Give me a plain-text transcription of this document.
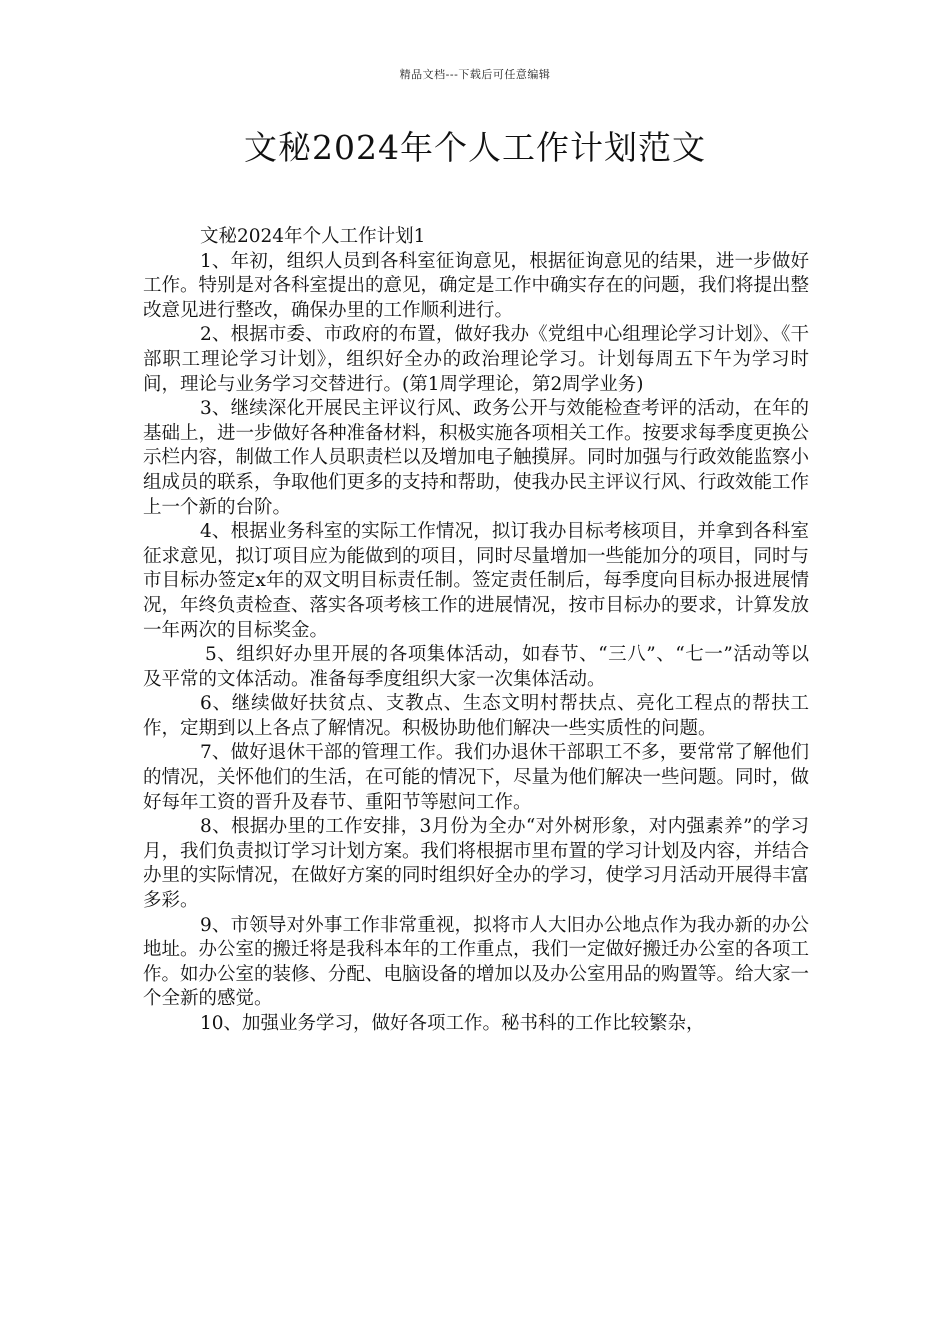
精品文档---下载后可任意编辑
文秘2024年个人工作计划范文

文秘2024年个人工作计划1

1、年初，组织人员到各科室征询意见，根据征询意见的结果，进一步做好工作。特别是对各科室提出的意见，确定是工作中确实存在的问题，我们将提出整改意见进行整改，确保办里的工作顺利进行。

2、根据市委、市政府的布置，做好我办《党组中心组理论学习计划》、《干部职工理论学习计划》，组织好全办的政治理论学习。计划每周五下午为学习时间，理论与业务学习交替进行。(第1周学理论，第2周学业务)

3、继续深化开展民主评议行风、政务公开与效能检查考评的活动，在年的基础上，进一步做好各种准备材料，积极实施各项相关工作。按要求每季度更换公示栏内容，制做工作人员职责栏以及增加电子触摸屏。同时加强与行政效能监察小组成员的联系，争取他们更多的支持和帮助，使我办民主评议行风、行政效能工作上一个新的台阶。

4、根据业务科室的实际工作情况，拟订我办目标考核项目，并拿到各科室征求意见，拟订项目应为能做到的项目，同时尽量增加一些能加分的项目，同时与市目标办签定x年的双文明目标责任制。签定责任制后，每季度向目标办报进展情况，年终负责检查、落实各项考核工作的进展情况，按市目标办的要求，计算发放一年两次的目标奖金。

5、组织好办里开展的各项集体活动，如春节、“三八”、“七一”活动等以及平常的文体活动。准备每季度组织大家一次集体活动。

6、继续做好扶贫点、支教点、生态文明村帮扶点、亮化工程点的帮扶工作，定期到以上各点了解情况。积极协助他们解决一些实质性的问题。

7、做好退休干部的管理工作。我们办退休干部职工不多，要常常了解他们的情况，关怀他们的生活，在可能的情况下，尽量为他们解决一些问题。同时，做好每年工资的晋升及春节、重阳节等慰问工作。

8、根据办里的工作安排，3月份为全办“对外树形象，对内强素养”的学习月，我们负责拟订学习计划方案。我们将根据市里布置的学习计划及内容，并结合办里的实际情况，在做好方案的同时组织好全办的学习，使学习月活动开展得丰富多彩。

9、市领导对外事工作非常重视，拟将市人大旧办公地点作为我办新的办公地址。办公室的搬迁将是我科本年的工作重点，我们一定做好搬迁办公室的各项工作。如办公室的装修、分配、电脑设备的增加以及办公室用品的购置等。给大家一个全新的感觉。

10、加强业务学习，做好各项工作。秘书科的工作比较繁杂，
